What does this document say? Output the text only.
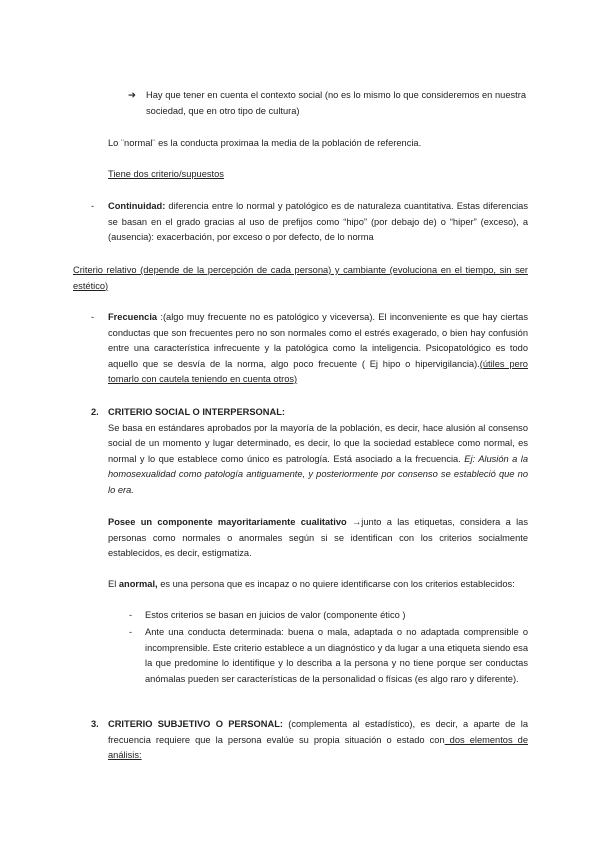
➔ Hay que tener en cuenta el contexto social (no es lo mismo lo que consideremos en nuestra sociedad, que en otro tipo de cultura)

Lo ¨normal¨ es la conducta proximaa la media de la población de referencia.

Tiene dos criterio/supuestos

- Continuidad: diferencia entre lo normal y patológico es de naturaleza cuantitativa. Estas diferencias se basan en el grado gracias al uso de prefijos como “hipo” (por debajo de) o “hiper” (exceso), a (ausencia): exacerbación, por exceso o por defecto, de lo norma

Criterio relativo (depende de la percepción de cada persona) y cambiante (evoluciona en el tiempo, sin ser estético)

- Frecuencia :(algo muy frecuente no es patológico y viceversa). El inconveniente es que hay ciertas conductas que son frecuentes pero no son normales como el estrés exagerado, o bien hay confusión entre una característica infrecuente y la patológica como la inteligencia. Psicopatológico es todo aquello que se desvía de la norma, algo poco frecuente ( Ej hipo o hipervigilancia).(útiles pero tomarlo con cautela teniendo en cuenta otros)

2. CRITERIO SOCIAL O INTERPERSONAL:
Se basa en estándares aprobados por la mayoría de la población, es decir, hace alusión al consenso social de un momento y lugar determinado, es decir, lo que la sociedad establece como normal, es normal y lo que establece como único es patrología. Está asociado a la frecuencia. Ej: Alusión a la homosexualidad como patología antiguamente, y posteriormente por consenso se estableció que no lo era.

Posee un componente mayoritariamente cualitativo →junto a las etiquetas, considera a las personas como normales o anormales según si se identifican con los criterios socialmente establecidos, es decir, estigmatiza.

El anormal, es una persona que es incapaz o no quiere identificarse con los criterios establecidos:

- Estos criterios se basan en juicios de valor (componente ético )

- Ante una conducta determinada: buena o mala, adaptada o no adaptada comprensible o incomprensible. Este criterio establece a un diagnóstico y da lugar a una etiqueta siendo esa la que predomine lo identifique y lo describa a la persona y no tiene porque ser conductas anómalas pueden ser características de la personalidad o físicas (es algo raro y diferente).

3. CRITERIO SUBJETIVO O PERSONAL: (complementa al estadístico), es decir, a aparte de la frecuencia requiere que la persona evalúe su propia situación o estado con dos elementos de análisis:
